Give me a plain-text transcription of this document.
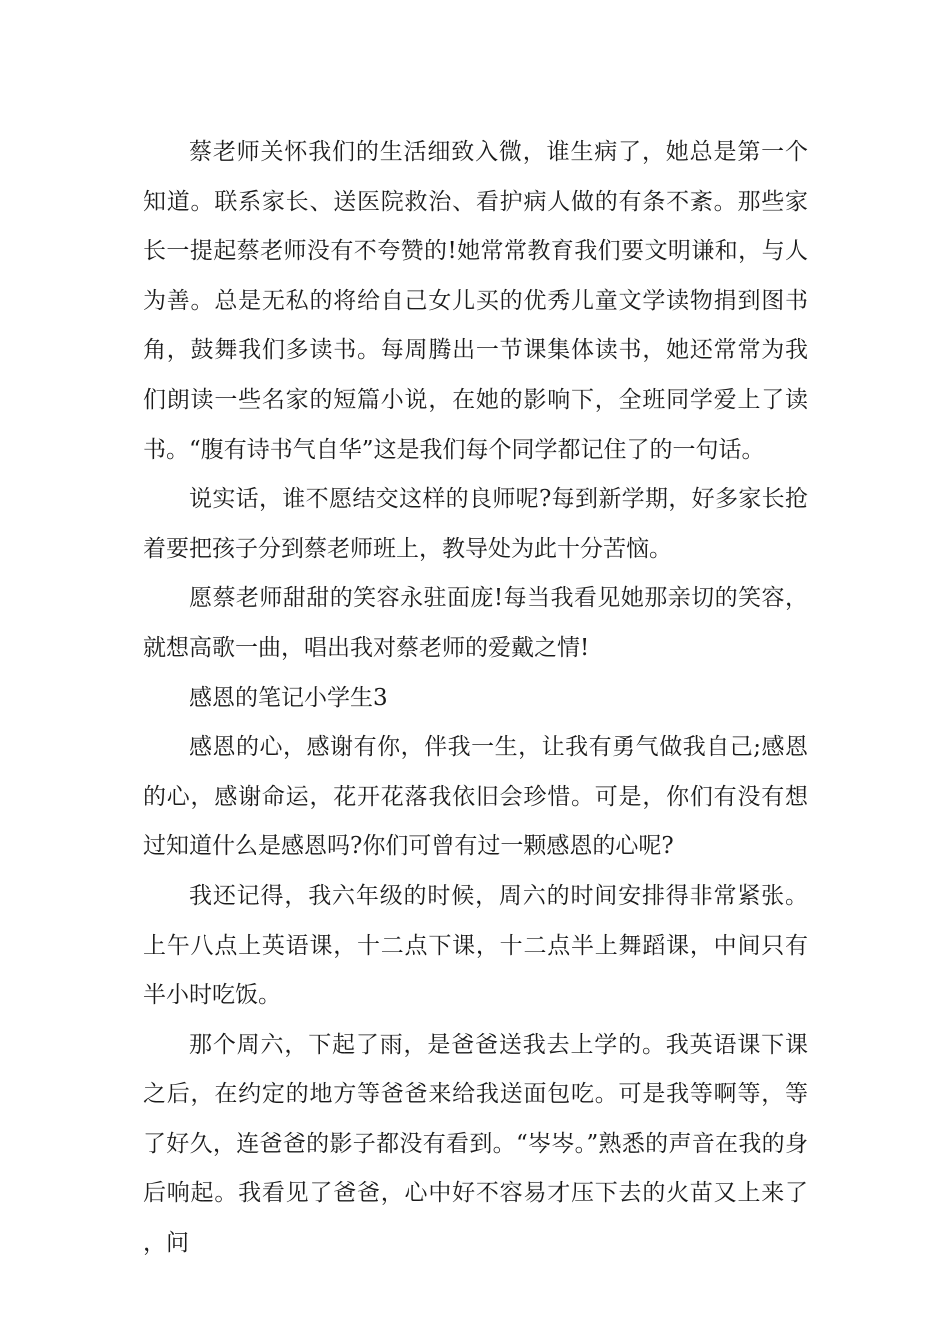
蔡老师关怀我们的生活细致入微，谁生病了，她总是第一个知道。联系家长、送医院救治、看护病人做的有条不紊。那些家长一提起蔡老师没有不夸赞的!她常常教育我们要文明谦和，与人为善。总是无私的将给自己女儿买的优秀儿童文学读物捐到图书角，鼓舞我们多读书。每周腾出一节课集体读书，她还常常为我们朗读一些名家的短篇小说，在她的影响下，全班同学爱上了读书。“腹有诗书气自华”这是我们每个同学都记住了的一句话。

说实话，谁不愿结交这样的良师呢?每到新学期，好多家长抢着要把孩子分到蔡老师班上，教导处为此十分苦恼。

愿蔡老师甜甜的笑容永驻面庞!每当我看见她那亲切的笑容，就想高歌一曲，唱出我对蔡老师的爱戴之情!

感恩的笔记小学生3

感恩的心，感谢有你，伴我一生，让我有勇气做我自己;感恩的心，感谢命运，花开花落我依旧会珍惜。可是，你们有没有想过知道什么是感恩吗?你们可曾有过一颗感恩的心呢?

我还记得，我六年级的时候，周六的时间安排得非常紧张。上午八点上英语课，十二点下课，十二点半上舞蹈课，中间只有半小时吃饭。

那个周六，下起了雨，是爸爸送我去上学的。我英语课下课之后，在约定的地方等爸爸来给我送面包吃。可是我等啊等，等了好久，连爸爸的影子都没有看到。“岑岑。”熟悉的声音在我的身后响起。我看见了爸爸，心中好不容易才压下去的火苗又上来了，问
